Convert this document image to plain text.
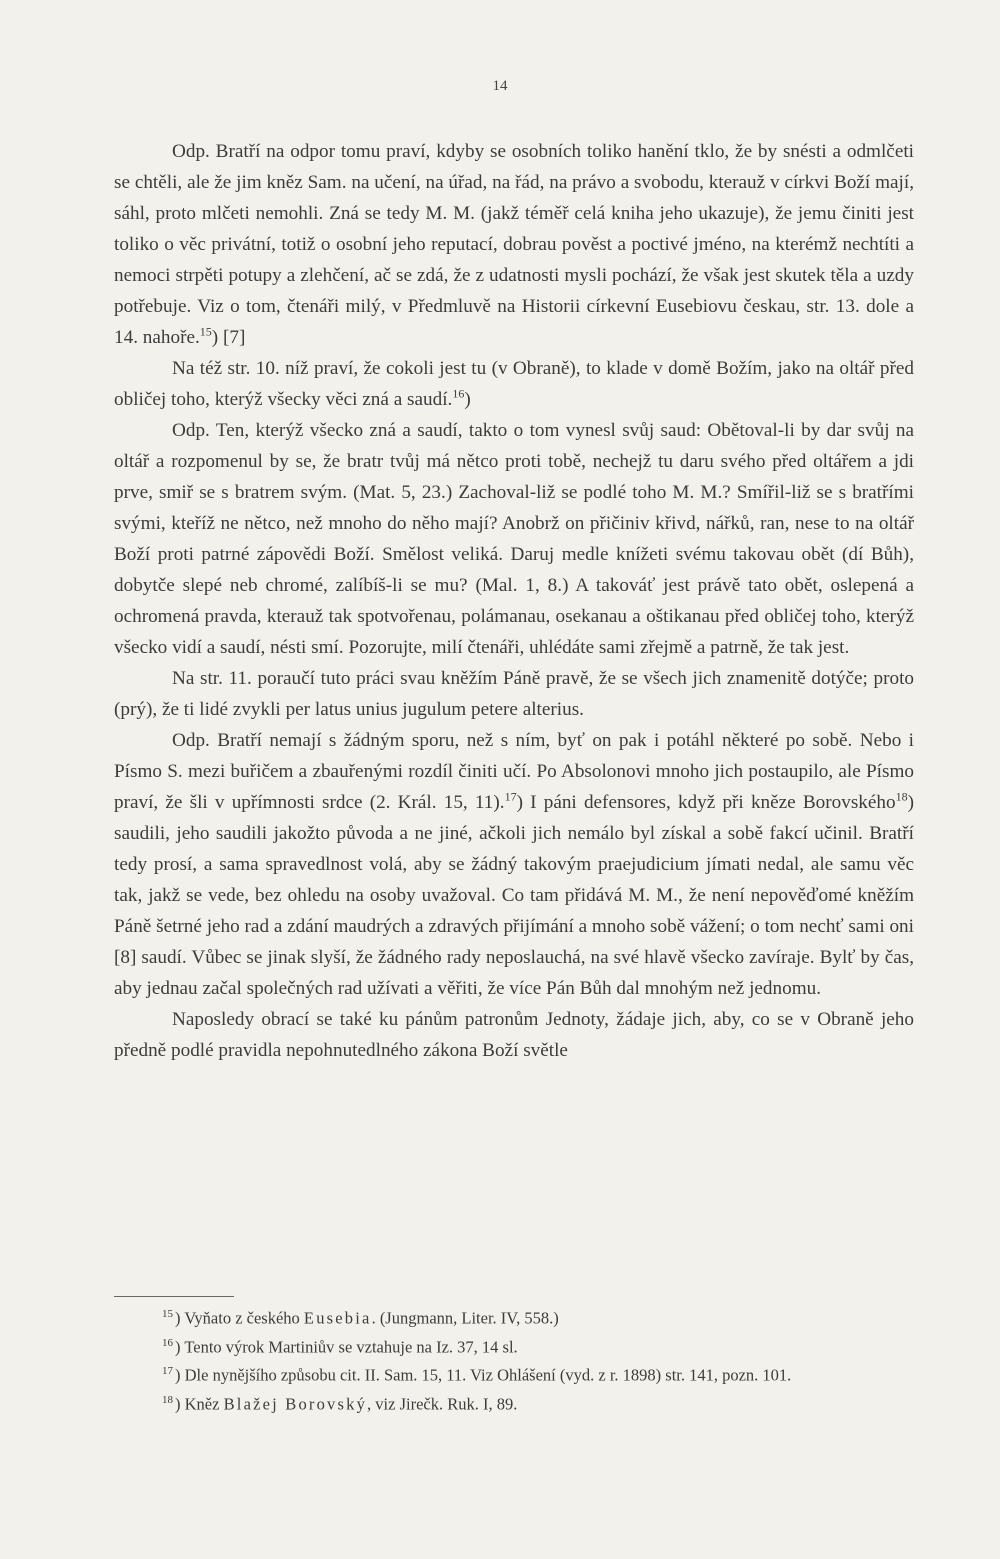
14

Odp. Bratří na odpor tomu praví, kdyby se osobních toliko hanění tklo, že by snésti a odmlčeti se chtěli, ale že jim kněz Sam. na učení, na úřad, na řád, na právo a svobodu, kterauž v církvi Boží mají, sáhl, proto mlčeti nemohli. Zná se tedy M. M. (jakž téměř celá kniha jeho ukazuje), že jemu činiti jest toliko o věc privátní, totiž o osobní jeho reputací, dobrau pověst a poctivé jméno, na kterémž nechtíti a nemoci strpěti potupy a zlehčení, ač se zdá, že z udatnosti mysli pochází, že však jest skutek těla a uzdy potřebuje. Viz o tom, čtenáři milý, v Předmluvě na Historii církevní Eusebiovu českau, str. 13. dole a 14. nahoře.$^{15}$) [7]

Na též str. 10. níž praví, že cokoli jest tu (v Obraně), to klade v domě Božím, jako na oltář před obličej toho, kterýž všecky věci zná a saudí.$^{16}$)

Odp. Ten, kterýž všecko zná a saudí, takto o tom vynesl svůj saud: Obětoval-li by dar svůj na oltář a rozpomenul by se, že bratr tvůj má nětco proti tobě, nechejž tu daru svého před oltářem a jdi prve, smiř se s bratrem svým. (Mat. 5, 23.) Zachoval-liž se podlé toho M. M.? Smířil-liž se s bratřími svými, kteříž ne nětco, než mnoho do něho mají? Anobrž on přičiniv křivd, nářků, ran, nese to na oltář Boží proti patrné zápovědi Boží. Smělost veliká. Daruj medle knížeti svému takovau obět (dí Bůh), dobytče slepé neb chromé, zalíbíš-li se mu? (Mal. 1, 8.) A takováť jest právě tato obět, oslepená a ochromená pravda, kterauž tak spotvořenau, polámanau, osekanau a oštikanau před obličej toho, kterýž všecko vidí a saudí, nésti smí. Pozorujte, milí čtenáři, uhlédáte sami zřejmě a patrně, že tak jest.

Na str. 11. poraučí tuto práci svau kněžím Páně pravě, že se všech jich znamenitě dotýče; proto (prý), že ti lidé zvykli per latus unius jugulum petere alterius.

Odp. Bratří nemají s žádným sporu, než s ním, byť on pak i potáhl některé po sobě. Nebo i Písmo S. mezi buřičem a zbauřenými rozdíl činiti učí. Po Absolonovi mnoho jich postaupilo, ale Písmo praví, že šli v upřímnosti srdce (2. Král. 15, 11).$^{17}$) I páni defensores, když při kněze Borovského$^{18}$) saudili, jeho saudili jakožto původa a ne jiné, ačkoli jich nemálo byl získal a sobě fakcí učinil. Bratří tedy prosí, a sama spravedlnost volá, aby se žádný takovým praejudicium jímati nedal, ale samu věc tak, jakž se vede, bez ohledu na osoby uvažoval. Co tam přidává M. M., že není nepověďomé kněžím Páně šetrné jeho rad a zdání maudrých a zdravých přijímání a mnoho sobě vážení; o tom nechť sami oni [8] saudí. Vůbec se jinak slyší, že žádného rady neposlauchá, na své hlavě všecko zavíraje. Bylť by čas, aby jednau začal společných rad užívati a věřiti, že více Pán Bůh dal mnohým než jednomu.

Naposledy obrací se také ku pánům patronům Jednoty, žádaje jich, aby, co se v Obraně jeho předně podlé pravidla nepohnutedlného zákona Boží světle

$^{15}$ ) Vyňato z českého Eusebia. (Jungmann, Liter. IV, 558.)

$^{16}$ ) Tento výrok Martiniův se vztahuje na Iz. 37, 14 sl.

$^{17}$ ) Dle nynějšího způsobu cit. II. Sam. 15, 11. Viz Ohlášení (vyd. z r. 1898) str. 141, pozn. 101.

$^{18}$ ) Kněz Blažej Borovský, viz Jirečk. Ruk. I, 89.
